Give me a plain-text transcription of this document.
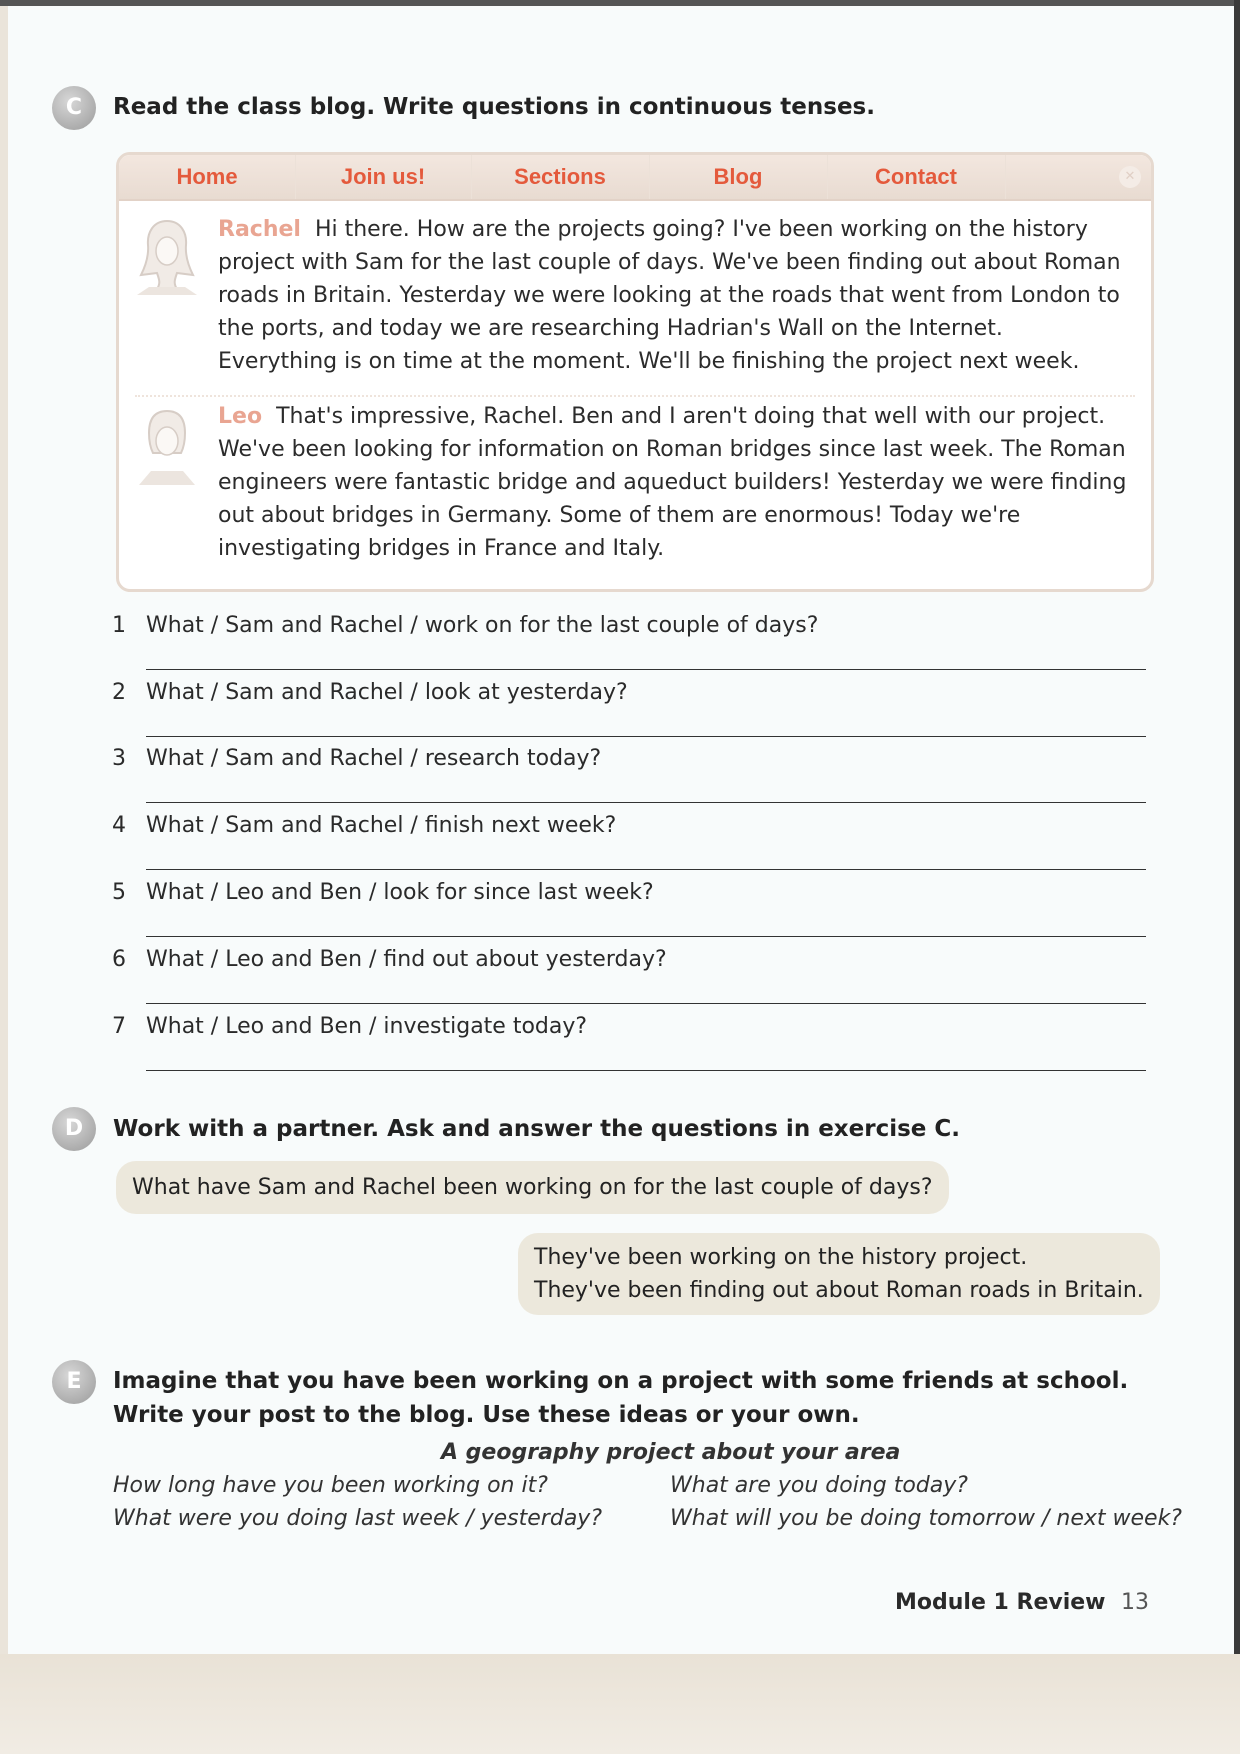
C	Read the class blog. Write questions in continuous tenses.
Home	Join us!	Sections	Blog	Contact	✕
Rachel Hi there. How are the projects going? I've been working on the history project with Sam for the last couple of days. We've been finding out about Roman roads in Britain. Yesterday we were looking at the roads that went from London to the ports, and today we are researching Hadrian's Wall on the Internet. Everything is on time at the moment. We'll be finishing the project next week.
Leo That's impressive, Rachel. Ben and I aren't doing that well with our project. We've been looking for information on Roman bridges since last week. The Roman engineers were fantastic bridge and aqueduct builders! Yesterday we were finding out about bridges in Germany. Some of them are enormous! Today we're investigating bridges in France and Italy.
1 What / Sam and Rachel / work on for the last couple of days?
2 What / Sam and Rachel / look at yesterday?
3 What / Sam and Rachel / research today?
4 What / Sam and Rachel / finish next week?
5 What / Leo and Ben / look for since last week?
6 What / Leo and Ben / find out about yesterday?
7 What / Leo and Ben / investigate today?
D	Work with a partner. Ask and answer the questions in exercise C.
What have Sam and Rachel been working on for the last couple of days?
They've been working on the history project.
They've been finding out about Roman roads in Britain.
E	Imagine that you have been working on a project with some friends at school.
Write your post to the blog. Use these ideas or your own.
A geography project about your area
How long have you been working on it?
What were you doing last week / yesterday?
What are you doing today?
What will you be doing tomorrow / next week?
Module 1 Review 13
